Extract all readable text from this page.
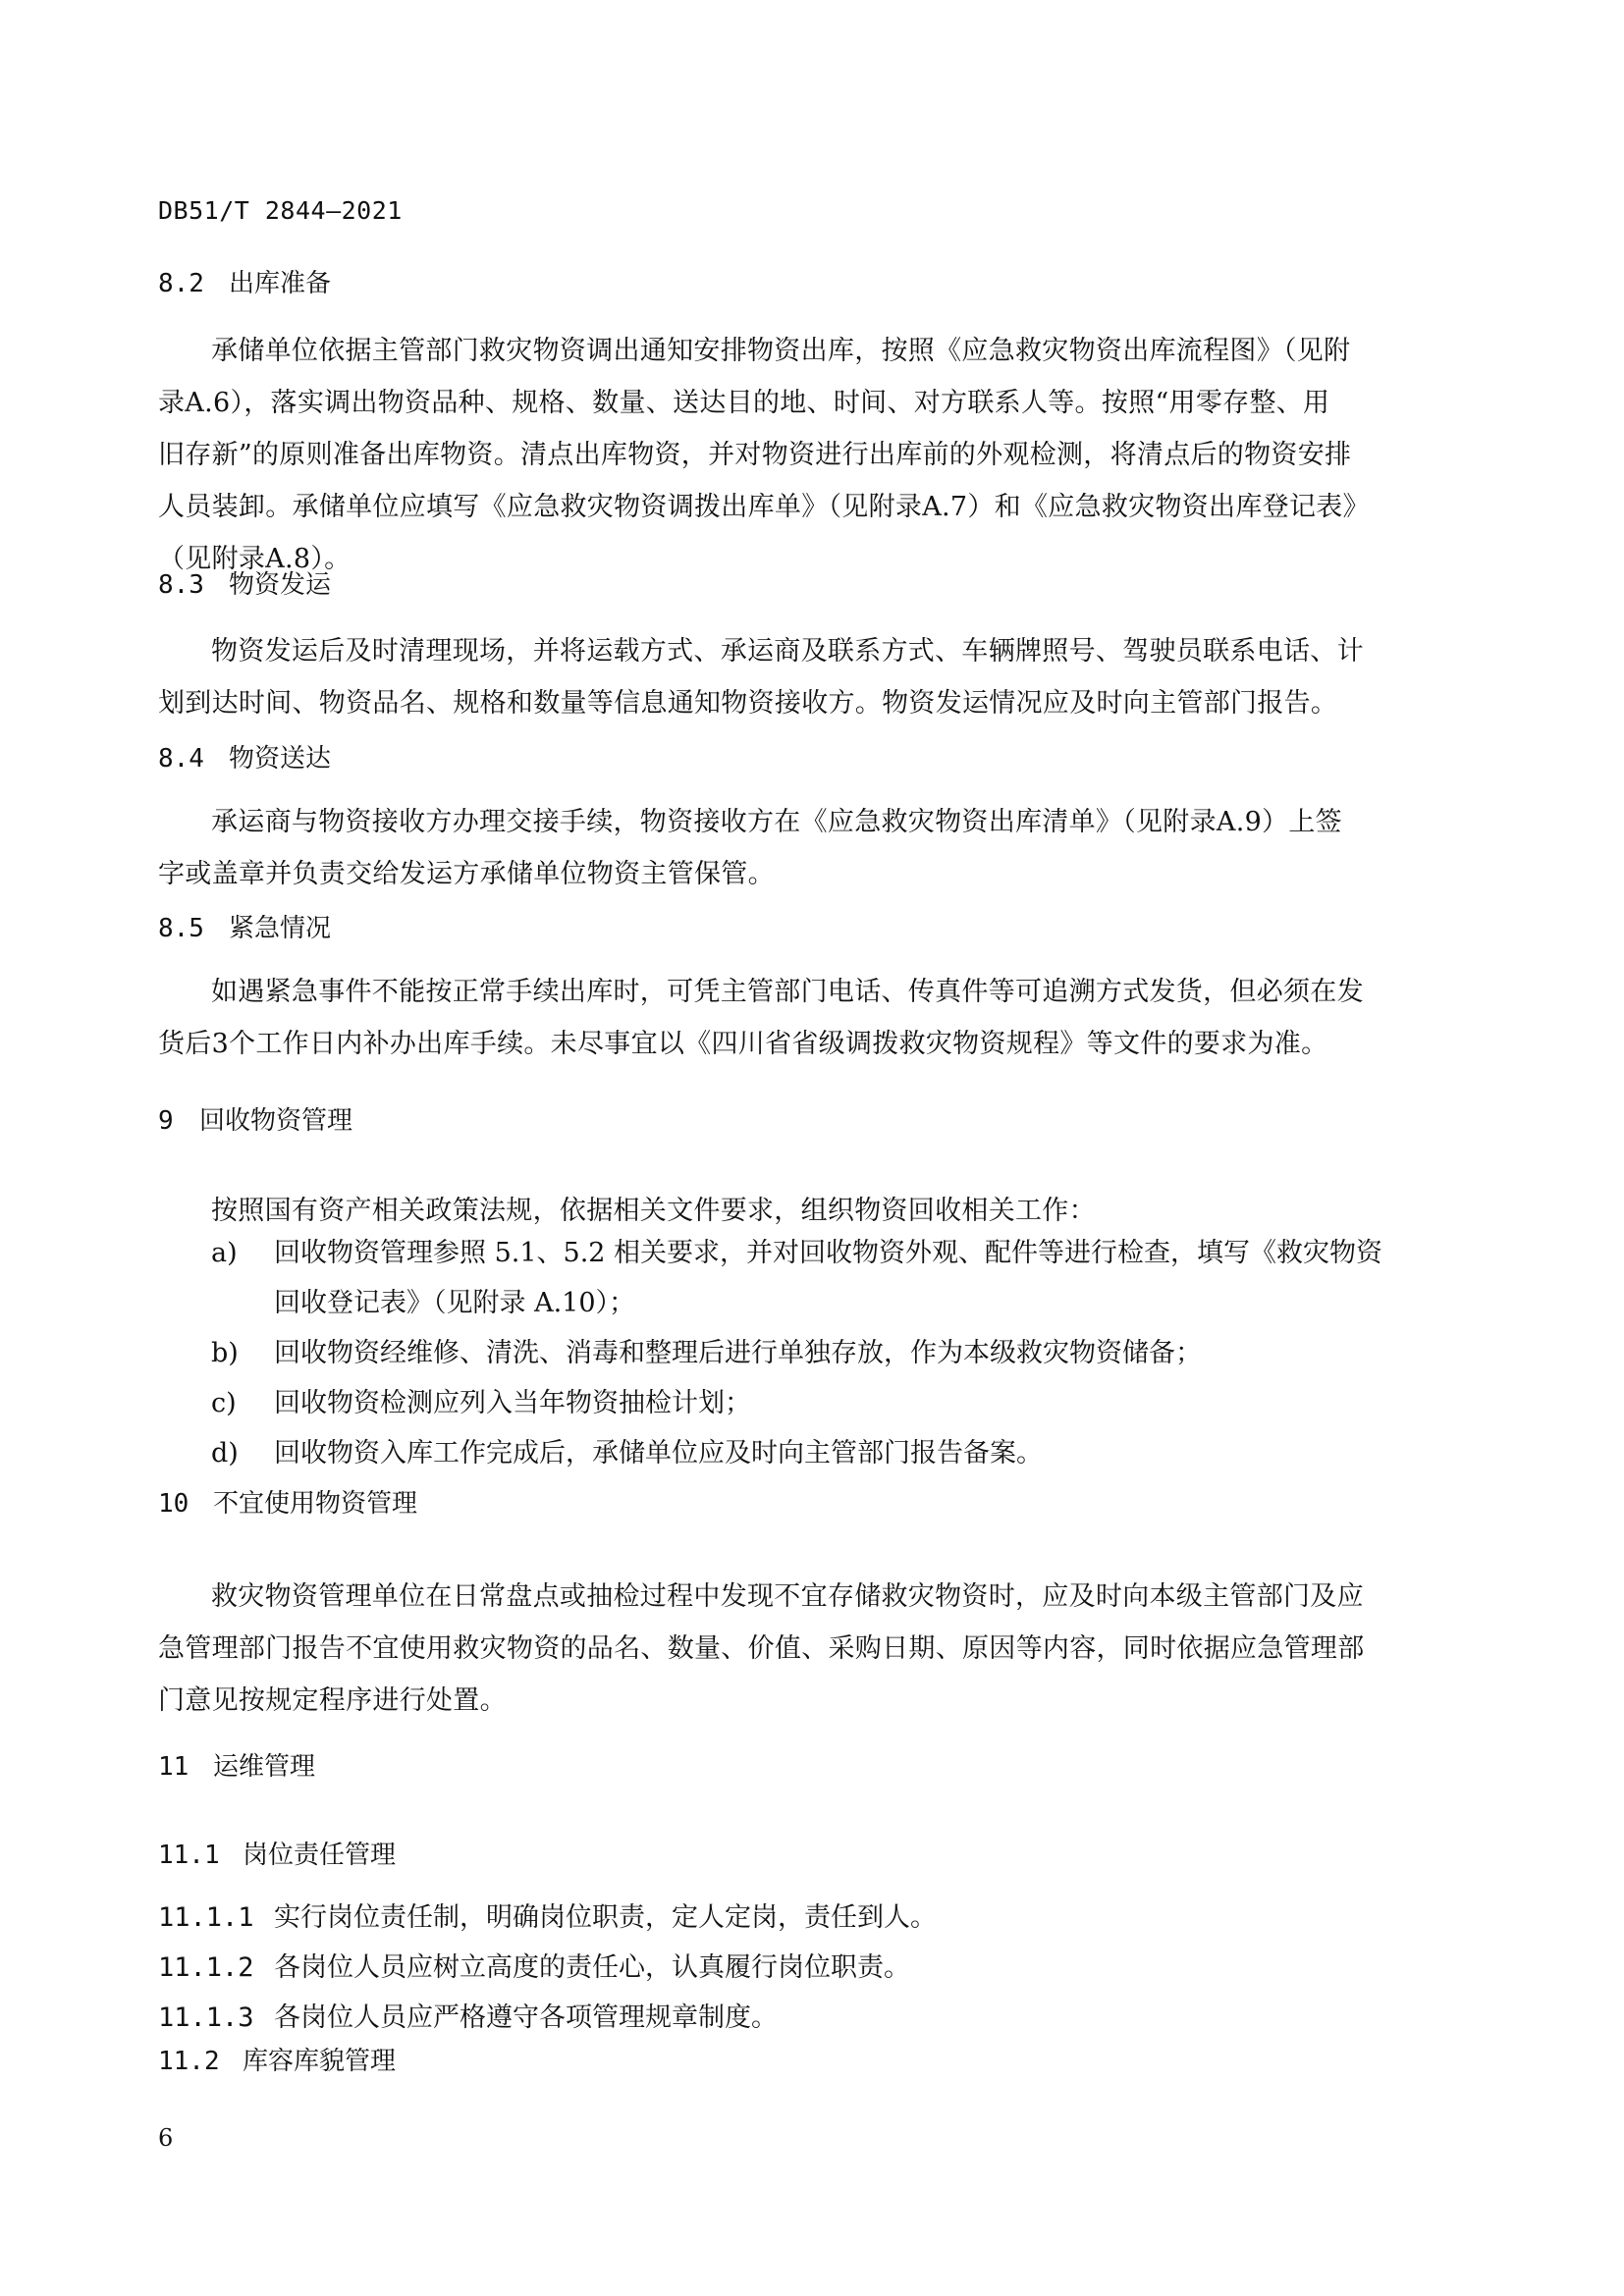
DB51/T 2844—2021
8.2 出库准备
承储单位依据主管部门救灾物资调出通知安排物资出库，按照《应急救灾物资出库流程图》（见附
录A.6），落实调出物资品种、规格、数量、送达目的地、时间、对方联系人等。按照“用零存整、用
旧存新”的原则准备出库物资。清点出库物资，并对物资进行出库前的外观检测，将清点后的物资安排
人员装卸。承储单位应填写《应急救灾物资调拨出库单》（见附录A.7）和《应急救灾物资出库登记表》
（见附录A.8）。
8.3 物资发运
物资发运后及时清理现场，并将运载方式、承运商及联系方式、车辆牌照号、驾驶员联系电话、计
划到达时间、物资品名、规格和数量等信息通知物资接收方。物资发运情况应及时向主管部门报告。
8.4 物资送达
承运商与物资接收方办理交接手续，物资接收方在《应急救灾物资出库清单》（见附录A.9）上签
字或盖章并负责交给发运方承储单位物资主管保管。
8.5 紧急情况
如遇紧急事件不能按正常手续出库时，可凭主管部门电话、传真件等可追溯方式发货，但必须在发
货后3个工作日内补办出库手续。未尽事宜以《四川省省级调拨救灾物资规程》等文件的要求为准。
9 回收物资管理
按照国有资产相关政策法规，依据相关文件要求，组织物资回收相关工作：
a) 回收物资管理参照 5.1、5.2 相关要求，并对回收物资外观、配件等进行检查，填写《救灾物资
回收登记表》（见附录 A.10）；
b) 回收物资经维修、清洗、消毒和整理后进行单独存放，作为本级救灾物资储备；
c) 回收物资检测应列入当年物资抽检计划；
d) 回收物资入库工作完成后，承储单位应及时向主管部门报告备案。
10 不宜使用物资管理
救灾物资管理单位在日常盘点或抽检过程中发现不宜存储救灾物资时，应及时向本级主管部门及应
急管理部门报告不宜使用救灾物资的品名、数量、价值、采购日期、原因等内容，同时依据应急管理部
门意见按规定程序进行处置。
11 运维管理
11.1 岗位责任管理
11.1.1 实行岗位责任制，明确岗位职责，定人定岗，责任到人。
11.1.2 各岗位人员应树立高度的责任心，认真履行岗位职责。
11.1.3 各岗位人员应严格遵守各项管理规章制度。
11.2 库容库貌管理
6
